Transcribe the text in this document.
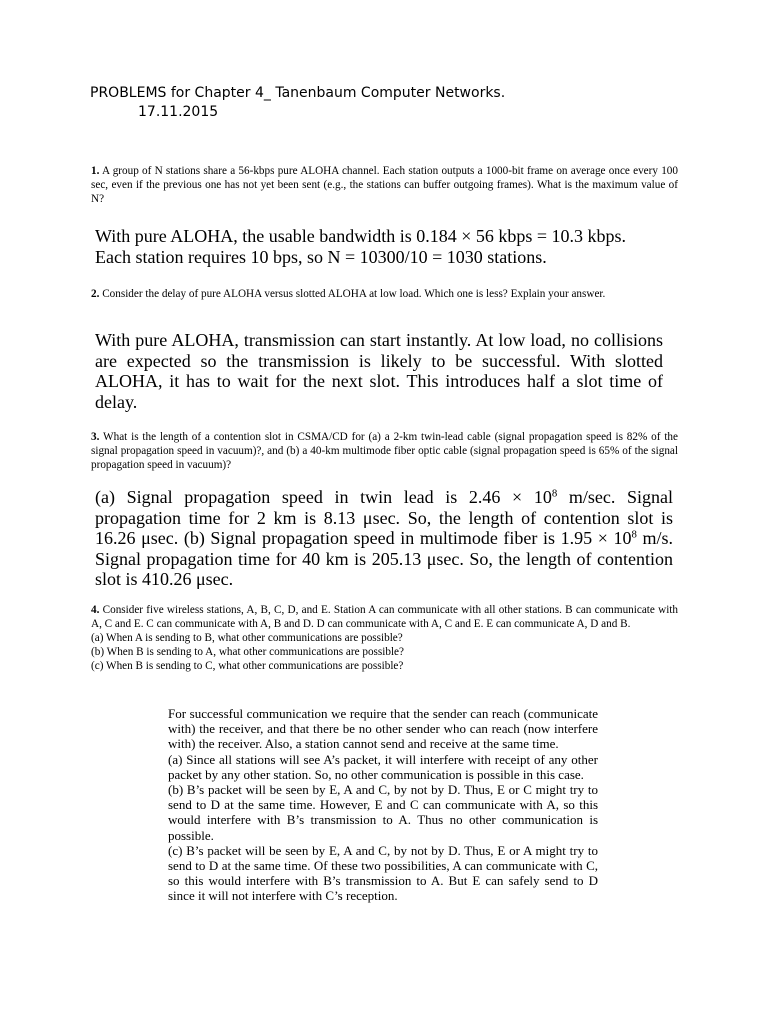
PROBLEMS for Chapter 4_ Tanenbaum Computer Networks.
17.11.2015
1. A group of N stations share a 56-kbps pure ALOHA channel. Each station outputs a 1000-bit frame on average once every 100 sec, even if the previous one has not yet been sent (e.g., the stations can buffer outgoing frames). What is the maximum value of N?
With pure ALOHA, the usable bandwidth is 0.184 × 56 kbps = 10.3 kbps.
Each station requires 10 bps, so N = 10300/10 = 1030 stations.
2. Consider the delay of pure ALOHA versus slotted ALOHA at low load. Which one is less? Explain your answer.
With pure ALOHA, transmission can start instantly. At low load, no collisions are expected so the transmission is likely to be successful. With slotted ALOHA, it has to wait for the next slot. This introduces half a slot time of delay.
3. What is the length of a contention slot in CSMA/CD for (a) a 2-km twin-lead cable (signal propagation speed is 82% of the signal propagation speed in vacuum)?, and (b) a 40-km multimode fiber optic cable (signal propagation speed is 65% of the signal propagation speed in vacuum)?
(a) Signal propagation speed in twin lead is $2.46 \times 10^8$ m/sec. Signal propagation time for 2 km is 8.13 μsec. So, the length of contention slot is 16.26 μsec. (b) Signal propagation speed in multimode fiber is $1.95 \times 10^8$ m/s. Signal propagation time for 40 km is 205.13 μsec. So, the length of contention slot is 410.26 μsec.
4. Consider five wireless stations, A, B, C, D, and E. Station A can communicate with all other stations. B can communicate with A, C and E. C can communicate with A, B and D. D can communicate with A, C and E. E can communicate A, D and B.
(a) When A is sending to B, what other communications are possible?
(b) When B is sending to A, what other communications are possible?
(c) When B is sending to C, what other communications are possible?
For successful communication we require that the sender can reach (communicate with) the receiver, and that there be no other sender who can reach (now interfere with) the receiver. Also, a station cannot send and receive at the same time.
(a) Since all stations will see A’s packet, it will interfere with receipt of any other packet by any other station. So, no other communication is possible in this case.
(b) B’s packet will be seen by E, A and C, by not by D. Thus, E or C might try to send to D at the same time. However, E and C can communicate with A, so this would interfere with B’s transmission to A. Thus no other communication is possible.
(c) B’s packet will be seen by E, A and C, by not by D. Thus, E or A might try to send to D at the same time. Of these two possibilities, A can communicate with C, so this would interfere with B’s transmission to A. But E can safely send to D since it will not interfere with C’s reception.
